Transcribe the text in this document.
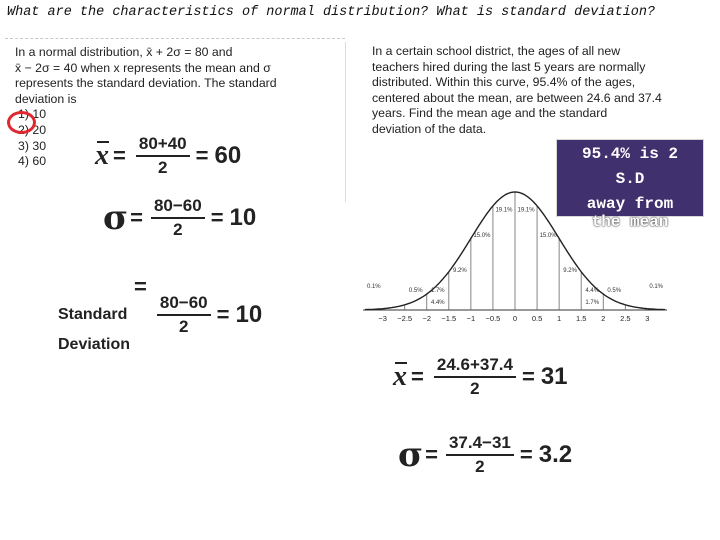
What are the characteristics of normal distribution? What is standard deviation?
In a normal distribution, x̄ + 2σ = 80 and
x̄ − 2σ = 40 when x represents the mean and σ
represents the standard deviation. The standard
deviation is
1) 10
2) 20
3) 30
4) 60	$x = \frac{80+40}{2} = 60$
$\sigma = \frac{80-60}{2} = 10$
Standard
Deviation
=
$\frac{80-60}{2} = 10$
In a certain school district, the ages of all new
teachers hired during the last 5 years are normally
distributed. Within this curve, 95.4% of the ages,
centered about the mean, are between 24.6 and 37.4
years. Find the mean age and the standard
deviation of the data.
−3 −2.5 −2 −1.5 −1 −0.5 0 0.5 1 1.5 2 2.5 3
0.1%
0.5% 1.7%
4.4%
9.2%
15.0%
19.1% 19.1%
15.0%
9.2%
4.4%
1.7%
0.5%
0.1%
95.4% is 2
S.D
away from
the mean
$x = \frac{24.6+37.4}{2} = 31$
$\sigma = \frac{37.4-31}{2} = 3.2$
